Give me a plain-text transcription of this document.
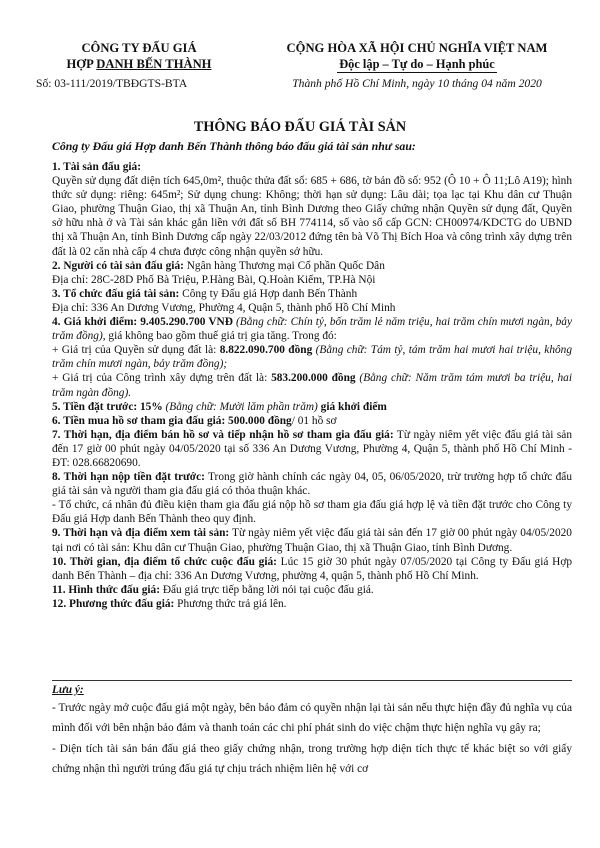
CÔNG TY ĐẤU GIÁ
HỢP DANH BẾN THÀNH
Số: 03-111/2019/TBĐGTS-BTA
CỘNG HÒA XÃ HỘI CHỦ NGHĨA VIỆT NAM
Độc lập – Tự do – Hạnh phúc
Thành phố Hồ Chí Minh, ngày 10 tháng 04 năm 2020
THÔNG BÁO ĐẤU GIÁ TÀI SẢN
Công ty Đấu giá Hợp danh Bến Thành thông báo đấu giá tài sản như sau:

1. Tài sản đấu giá:

Quyền sử dụng đất diện tích 645,0m², thuộc thửa đất số: 685 + 686, tờ bản đồ số: 952 (Ô 10 + Ô 11;Lô A19); hình thức sử dụng: riêng: 645m²; Sử dụng chung: Không; thời hạn sử dụng: Lâu dài; tọa lạc tại Khu dân cư Thuận Giao, phường Thuận Giao, thị xã Thuận An, tỉnh Bình Dương theo Giấy chứng nhận Quyền sử dụng đất, Quyền sở hữu nhà ở và Tài sản khác gắn liền với đất số BH 774114, số vào sổ cấp GCN: CH00974/KDCTG do UBND thị xã Thuận An, tỉnh Bình Dương cấp ngày 22/03/2012 đứng tên bà Võ Thị Bích Hoa và công trình xây dựng trên đất là 02 căn nhà cấp 4 chưa được công nhận quyền sở hữu.

2. Người có tài sản đấu giá: Ngân hàng Thương mại Cổ phần Quốc Dân

Địa chỉ: 28C-28D Phố Bà Triệu, P.Hàng Bài, Q.Hoàn Kiếm, TP.Hà Nội

3. Tổ chức đấu giá tài sản: Công ty Đấu giá Hợp danh Bến Thành

Địa chỉ: 336 An Dương Vương, Phường 4, Quận 5, thành phố Hồ Chí Minh

4. Giá khởi điểm: 9.405.290.700 VNĐ (Bằng chữ: Chín tỷ, bốn trăm lẻ năm triệu, hai trăm chín mươi ngàn, bảy trăm đồng), giá không bao gồm thuế giá trị gia tăng. Trong đó:

+ Giá trị của Quyền sử dụng đất là: 8.822.090.700 đồng (Bằng chữ: Tám tỷ, tám trăm hai mươi hai triệu, không trăm chín mươi ngàn, bảy trăm đồng);

+ Giá trị của Công trình xây dựng trên đất là: 583.200.000 đồng (Bằng chữ: Năm trăm tám mươi ba triệu, hai trăm ngàn đồng).

5. Tiền đặt trước: 15% (Bằng chữ: Mười lăm phần trăm) giá khởi điểm

6. Tiền mua hồ sơ tham gia đấu giá: 500.000 đồng/ 01 hồ sơ

7. Thời hạn, địa điểm bán hồ sơ và tiếp nhận hồ sơ tham gia đấu giá: Từ ngày niêm yết việc đấu giá tài sản đến 17 giờ 00 phút ngày 04/05/2020 tại số 336 An Dương Vương, Phường 4, Quận 5, thành phố Hồ Chí Minh - ĐT: 028.66820690.

8. Thời hạn nộp tiền đặt trước: Trong giờ hành chính các ngày 04, 05, 06/05/2020, trừ trường hợp tổ chức đấu giá tài sản và người tham gia đấu giá có thỏa thuận khác.

- Tổ chức, cá nhân đủ điều kiện tham gia đấu giá nộp hồ sơ tham gia đấu giá hợp lệ và tiền đặt trước cho Công ty Đấu giá Hợp danh Bến Thành theo quy định.

9. Thời hạn và địa điểm xem tài sản: Từ ngày niêm yết việc đấu giá tài sản đến 17 giờ 00 phút ngày 04/05/2020 tại nơi có tài sản: Khu dân cư Thuận Giao, phường Thuận Giao, thị xã Thuận Giao, tỉnh Bình Dương.

10. Thời gian, địa điểm tổ chức cuộc đấu giá: Lúc 15 giờ 30 phút ngày 07/05/2020 tại Công ty Đấu giá Hợp danh Bến Thành – địa chỉ: 336 An Dương Vương, phường 4, quận 5, thành phố Hồ Chí Minh.

11. Hình thức đấu giá: Đấu giá trực tiếp bằng lời nói tại cuộc đấu giá.

12. Phương thức đấu giá: Phương thức trả giá lên.

Lưu ý:
- Trước ngày mở cuộc đấu giá một ngày, bên bảo đảm có quyền nhận lại tài sản nếu thực hiện đầy đủ nghĩa vụ của mình đối với bên nhận bảo đảm và thanh toán các chi phí phát sinh do việc chậm thực hiện nghĩa vụ gây ra;
- Diện tích tài sản bán đấu giá theo giấy chứng nhận, trong trường hợp diện tích thực tế khác biệt so với giấy chứng nhận thì người trúng đấu giá tự chịu trách nhiệm liên hệ với cơ
